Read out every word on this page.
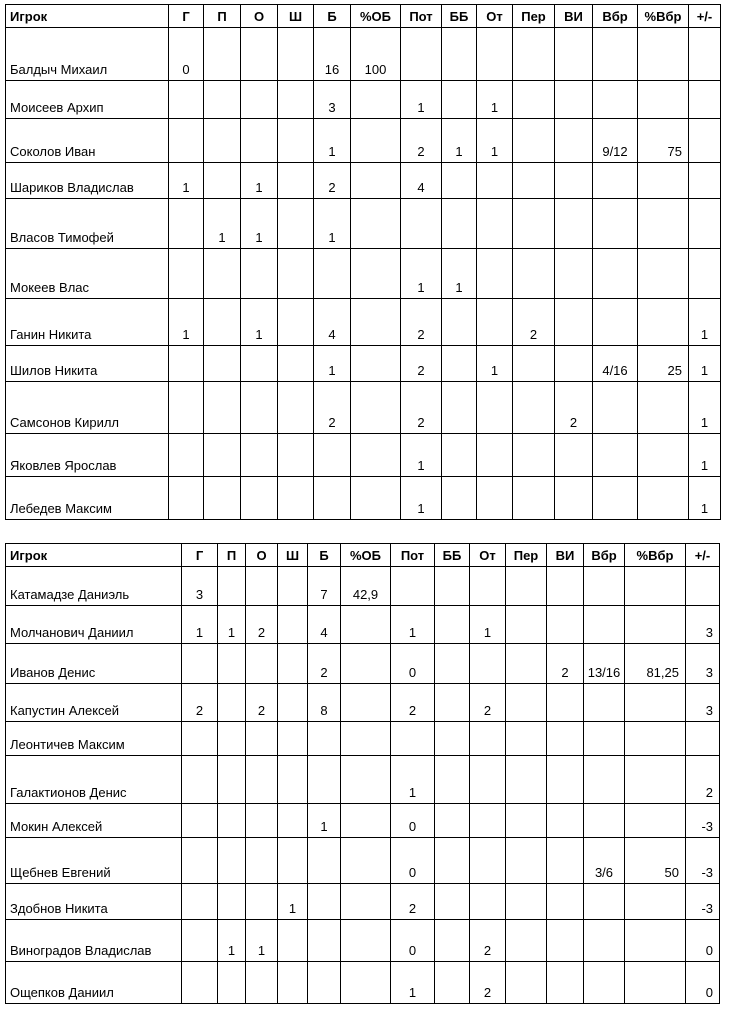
Игрок	Г	П	О	Ш	Б	%ОБ	Пот	ББ	От	Пер	ВИ	Вбр	%Вбр	+/-
Балдыч Михаил	0				16	100								
Моисеев Архип					3		1		1					
Соколов Иван					1		2	1	1			9/12	75	
Шариков Владислав	1		1		2		4							
Власов Тимофей		1	1		1									
Мокеев Влас							1	1						
Ганин Никита	1		1		4		2			2				1
Шилов Никита					1		2		1			4/16	25	1
Самсонов Кирилл					2		2				2			1
Яковлев Ярослав							1							1
Лебедев Максим							1							1
Игрок	Г	П	О	Ш	Б	%ОБ	Пот	ББ	От	Пер	ВИ	Вбр	%Вбр	+/-
Катамадзе Даниэль	3				7	42,9								
Молчанович Даниил	1	1	2		4		1		1					3
Иванов Денис					2		0				2	13/16	81,25	3
Капустин Алексей	2		2		8		2		2					3
Леонтичев Максим														
Галактионов Денис							1							2
Мокин Алексей					1		0							-3
Щебнев Евгений							0					3/6	50	-3
Здобнов Никита				1			2							-3
Виноградов Владислав		1	1				0		2					0
Ощепков Даниил							1		2					0
